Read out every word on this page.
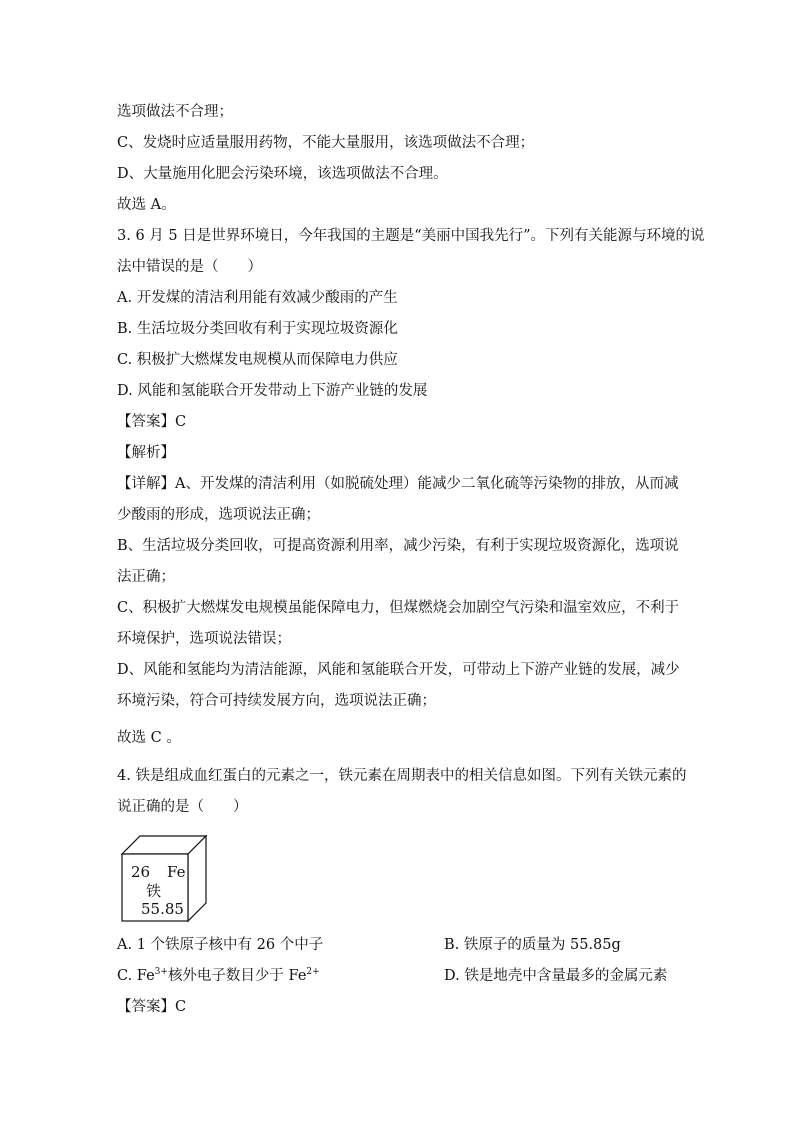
选项做法不合理；
C、发烧时应适量服用药物，不能大量服用，该选项做法不合理；
D、大量施用化肥会污染环境，该选项做法不合理。
故选 A。
3. 6 月 5 日是世界环境日，今年我国的主题是“美丽中国我先行”。下列有关能源与环境的说
法中错误的是（　　）
A. 开发煤的清洁利用能有效减少酸雨的产生
B. 生活垃圾分类回收有利于实现垃圾资源化
C. 积极扩大燃煤发电规模从而保障电力供应
D. 风能和氢能联合开发带动上下游产业链的发展
【答案】C
【解析】
【详解】A、开发煤的清洁利用（如脱硫处理）能减少二氧化硫等污染物的排放，从而减
少酸雨的形成，选项说法正确；
B、生活垃圾分类回收，可提高资源利用率，减少污染，有利于实现垃圾资源化，选项说
法正确；
C、积极扩大燃煤发电规模虽能保障电力，但煤燃烧会加剧空气污染和温室效应，不利于
环境保护，选项说法错误；
D、风能和氢能均为清洁能源，风能和氢能联合开发，可带动上下游产业链的发展，减少
环境污染，符合可持续发展方向，选项说法正确；
故选 C 。
4. 铁是组成血红蛋白的元素之一，铁元素在周期表中的相关信息如图。下列有关铁元素的
说正确的是（　　）
26 Fe
铁
55.85
A. 1 个铁原子核中有 26 个中子	B. 铁原子的质量为 55.85g
C. $Fe^{3+}$核外电子数目少于 $Fe^{2+}$	D. 铁是地壳中含量最多的金属元素
【答案】C
